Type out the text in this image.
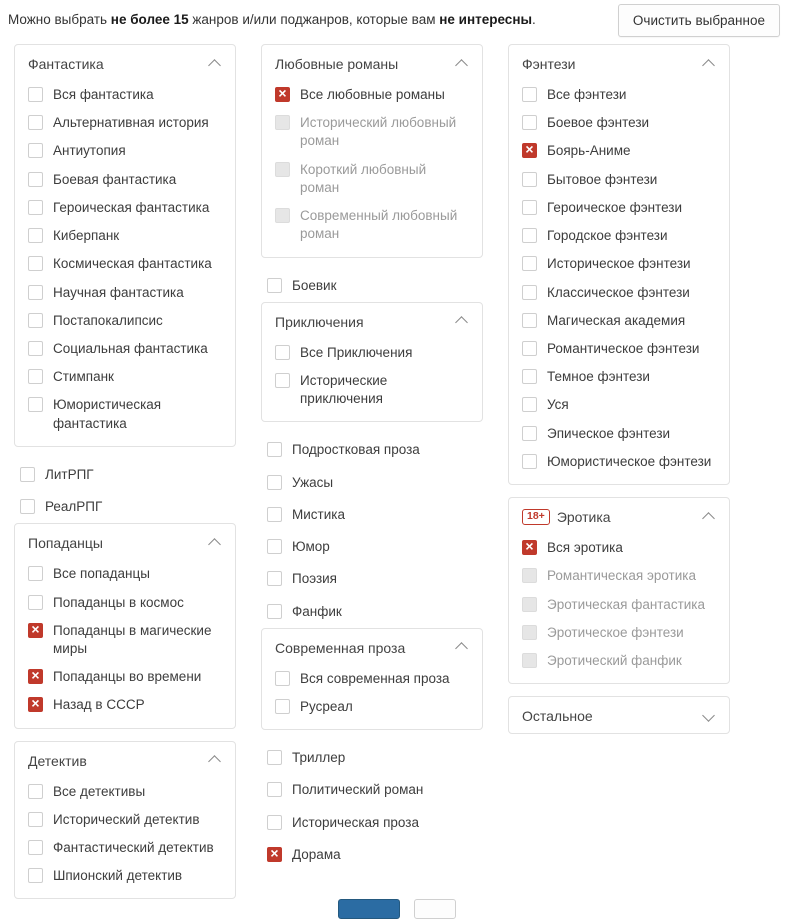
Можно выбрать не более 15 жанров и/или поджанров, которые вам не интересны.	Очистить выбранное
Фантастика
Вся фантастика
Альтернативная история
Антиутопия
Боевая фантастика
Героическая фантастика
Киберпанк
Космическая фантастика
Научная фантастика
Постапокалипсис
Социальная фантастика
Стимпанк
Юмористическая фантастика
ЛитРПГ
РеалРПГ
Попаданцы
Все попаданцы
Попаданцы в космос
×
Попаданцы в магические миры
×
Попаданцы во времени
×
Назад в СССР
Детектив
Все детективы
Исторический детектив
Фантастический детектив
Шпионский детектив
Любовные романы
×
Все любовные романы
Исторический любовный роман
Короткий любовный роман
Современный любовный роман
Боевик
Приключения
Все Приключения
Исторические приключения
Подростковая проза
Ужасы
Мистика
Юмор
Поэзия
Фанфик
Современная проза
Вся современная проза
Русреал
Триллер
Политический роман
Историческая проза
×
Дорама
Фэнтези
Все фэнтези
Боевое фэнтези
×
Боярь-Аниме
Бытовое фэнтези
Героическое фэнтези
Городское фэнтези
Историческое фэнтези
Классическое фэнтези
Магическая академия
Романтическое фэнтези
Темное фэнтези
Уся
Эпическое фэнтези
Юмористическое фэнтези
18+ Эротика
×
Вся эротика
Романтическая эротика
Эротическая фантастика
Эротическое фэнтези
Эротический фанфик
Остальное
